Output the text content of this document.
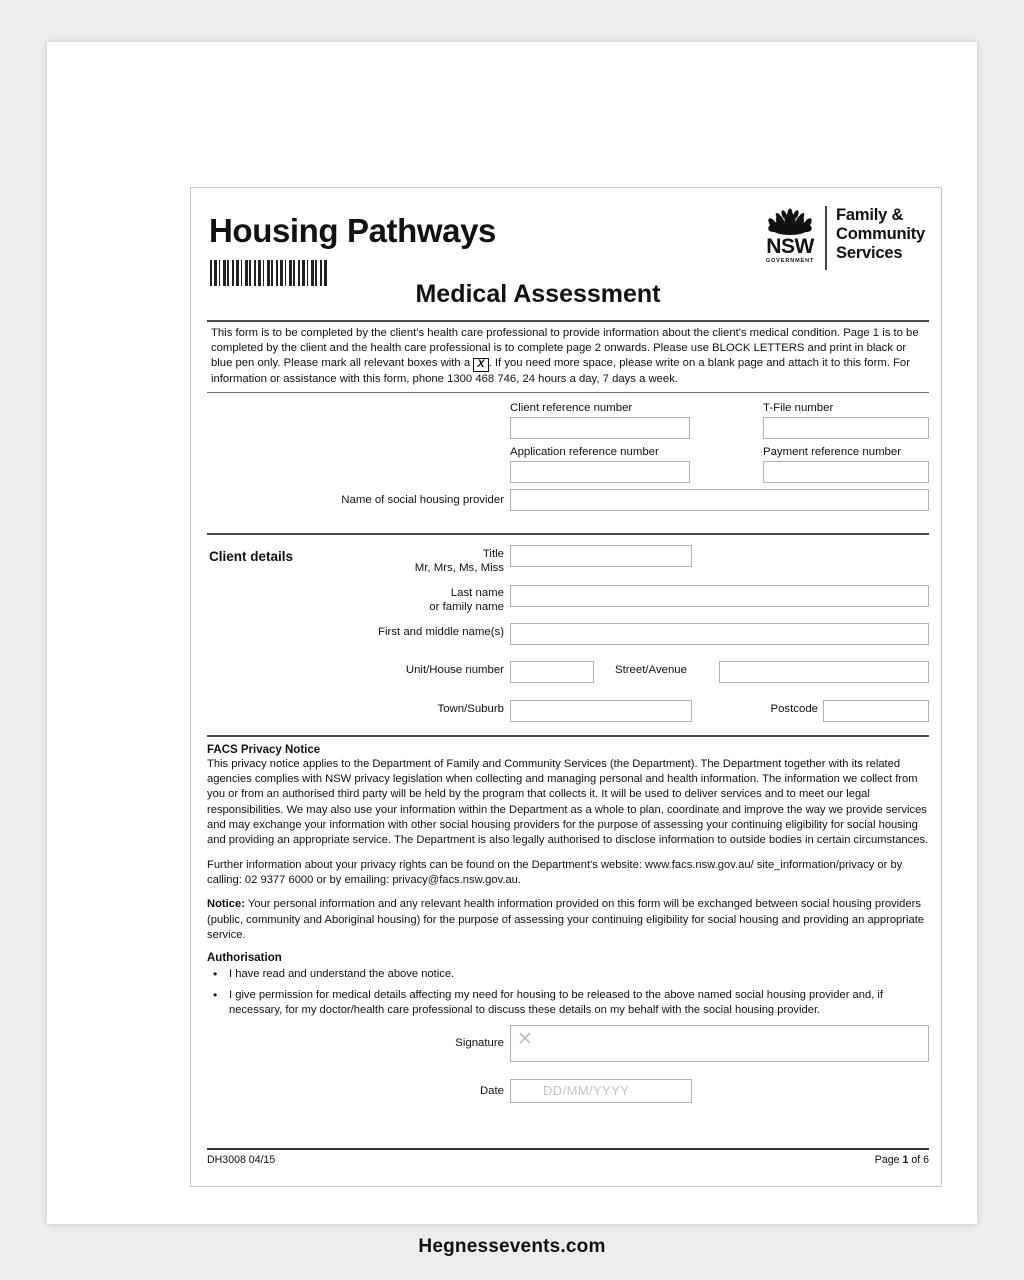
Housing Pathways	NSW
GOVERNMENT
Family &
Community
Services
Medical Assessment
This form is to be completed by the client's health care professional to provide information about the client's medical condition. Page 1 is to be completed by the client and the health care professional is to complete page 2 onwards. Please use BLOCK LETTERS and print in black or blue pen only. Please mark all relevant boxes with a X . If you need more space, please write on a blank page and attach it to this form. For information or assistance with this form, phone 1300 468 746, 24 hours a day, 7 days a week.
Client reference number	T-File number
Application reference number	Payment reference number
Name of social housing provider
Client details	Title
Mr, Mrs, Ms, Miss
Last name
or family name
First and middle name(s)
Unit/House number	Street/Avenue
Town/Suburb	Postcode
FACS Privacy Notice

This privacy notice applies to the Department of Family and Community Services (the Department). The Department together with its related agencies complies with NSW privacy legislation when collecting and managing personal and health information. The information we collect from you or from an authorised third party will be held by the program that collects it. It will be used to deliver services and to meet our legal responsibilities. We may also use your information within the Department as a whole to plan, coordinate and improve the way we provide services and may exchange your information with other social housing providers for the purpose of assessing your continuing eligibility for social housing and providing an appropriate service. The Department is also legally authorised to disclose information to outside bodies in certain circumstances.

Further information about your privacy rights can be found on the Department's website: www.facs.nsw.gov.au/ site_information/privacy or by calling: 02 9377 6000 or by emailing: privacy@facs.nsw.gov.au.

Notice: Your personal information and any relevant health information provided on this form will be exchanged between social housing providers (public, community and Aboriginal housing) for the purpose of assessing your continuing eligibility for social housing and providing an appropriate service.

Authorisation
• I have read and understand the above notice.
• I give permission for medical details affecting my need for housing to be released to the above named social housing provider and, if necessary, for my doctor/health care professional to discuss these details on my behalf with the social housing provider.
Signature ✕
Date	DD/MM/YYYY
DH3008 04/15	Page 1 of 6
Hegnessevents.com
